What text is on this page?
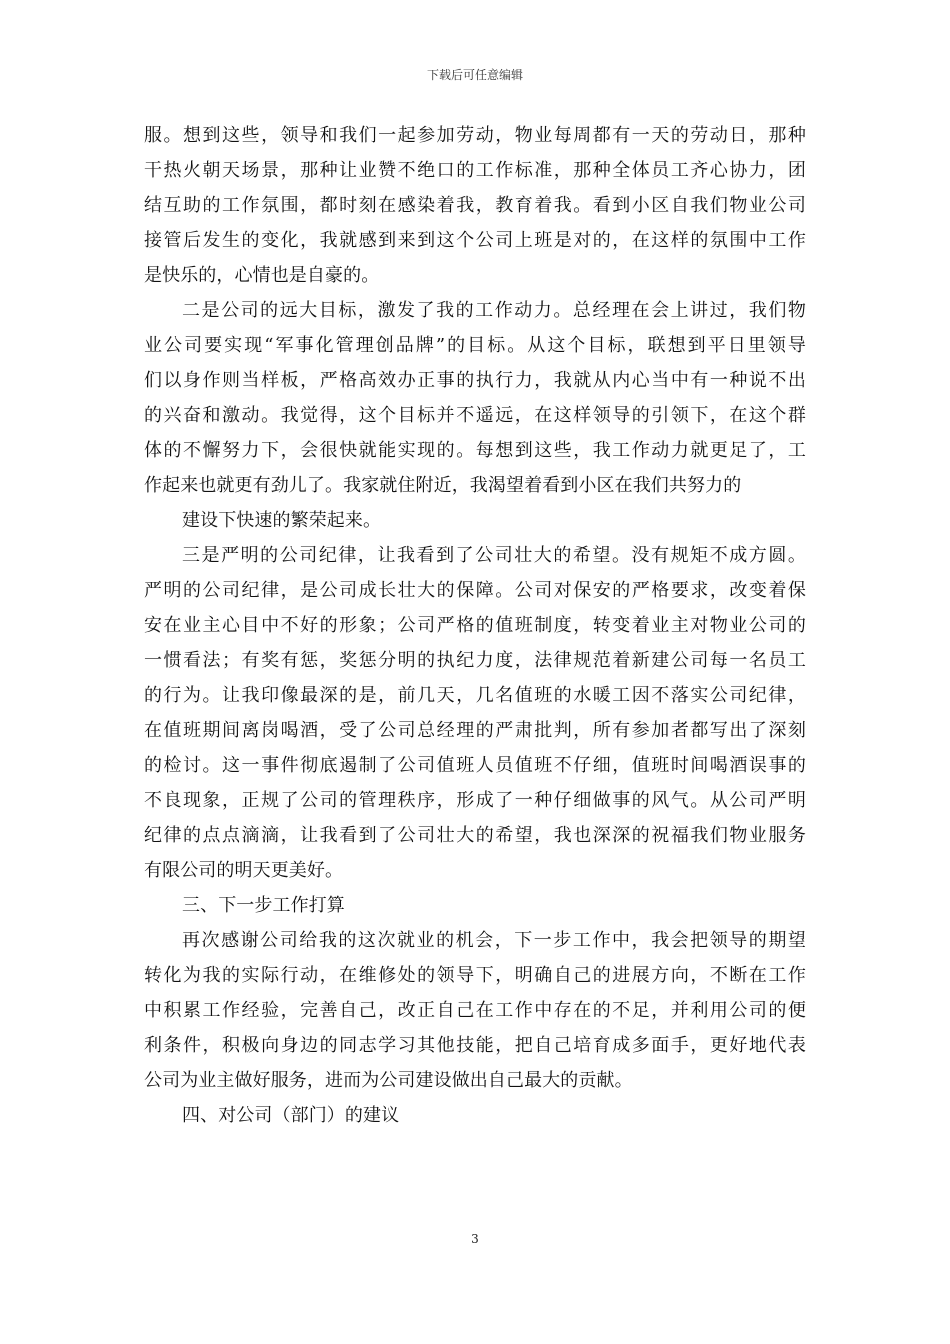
下载后可任意编辑
服。想到这些，领导和我们一起参加劳动，物业每周都有一天的劳动日，那种
干热火朝天场景，那种让业赞不绝口的工作标准，那种全体员工齐心协力，团
结互助的工作氛围，都时刻在感染着我，教育着我。看到小区自我们物业公司
接管后发生的变化，我就感到来到这个公司上班是对的，在这样的氛围中工作
是快乐的，心情也是自豪的。
二是公司的远大目标，激发了我的工作动力。总经理在会上讲过，我们物
业公司要实现“军事化管理创品牌”的目标。从这个目标，联想到平日里领导
们以身作则当样板，严格高效办正事的执行力，我就从内心当中有一种说不出
的兴奋和激动。我觉得，这个目标并不遥远，在这样领导的引领下，在这个群
体的不懈努力下，会很快就能实现的。每想到这些，我工作动力就更足了，工
作起来也就更有劲儿了。我家就住附近，我渴望着看到小区在我们共努力的
建设下快速的繁荣起来。
三是严明的公司纪律，让我看到了公司壮大的希望。没有规矩不成方圆。
严明的公司纪律，是公司成长壮大的保障。公司对保安的严格要求，改变着保
安在业主心目中不好的形象；公司严格的值班制度，转变着业主对物业公司的
一惯看法；有奖有惩，奖惩分明的执纪力度，法律规范着新建公司每一名员工
的行为。让我印像最深的是，前几天，几名值班的水暖工因不落实公司纪律，
在值班期间离岗喝酒，受了公司总经理的严肃批判，所有参加者都写出了深刻
的检讨。这一事件彻底遏制了公司值班人员值班不仔细，值班时间喝酒误事的
不良现象，正规了公司的管理秩序，形成了一种仔细做事的风气。从公司严明
纪律的点点滴滴，让我看到了公司壮大的希望，我也深深的祝福我们物业服务
有限公司的明天更美好。
三、下一步工作打算
再次感谢公司给我的这次就业的机会，下一步工作中，我会把领导的期望
转化为我的实际行动，在维修处的领导下，明确自己的进展方向，不断在工作
中积累工作经验，完善自己，改正自己在工作中存在的不足，并利用公司的便
利条件，积极向身边的同志学习其他技能，把自己培育成多面手，更好地代表
公司为业主做好服务，进而为公司建设做出自己最大的贡献。
四、对公司（部门）的建议
3
